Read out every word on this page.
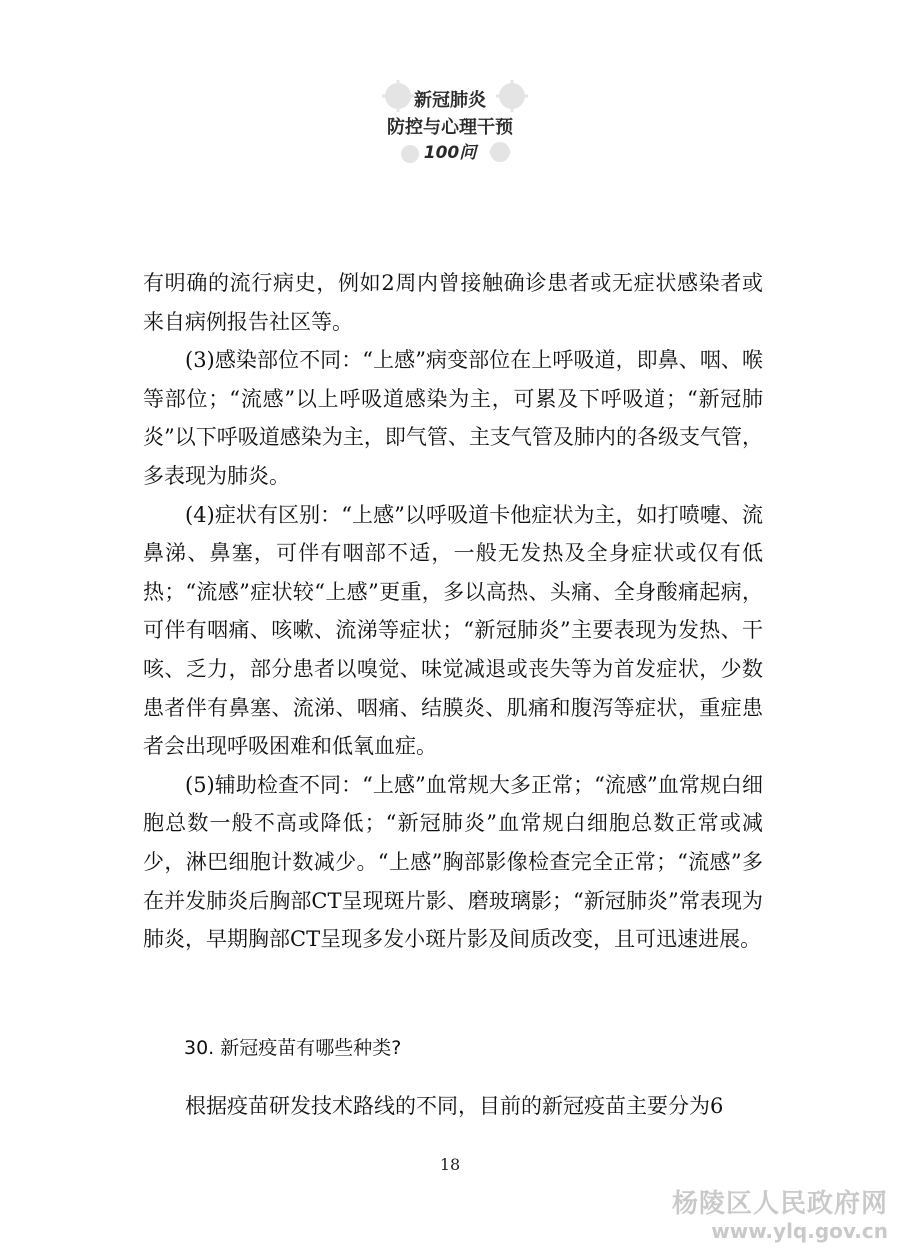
新冠肺炎
防控与心理干预
100问

有明确的流行病史，例如2周内曾接触确诊患者或无症状感染者或来自病例报告社区等。

(3)感染部位不同：“上感”病变部位在上呼吸道，即鼻、咽、喉等部位；“流感”以上呼吸道感染为主，可累及下呼吸道；“新冠肺炎”以下呼吸道感染为主，即气管、主支气管及肺内的各级支气管，多表现为肺炎。

(4)症状有区别：“上感”以呼吸道卡他症状为主，如打喷嚏、流鼻涕、鼻塞，可伴有咽部不适，一般无发热及全身症状或仅有低热；“流感”症状较“上感”更重，多以高热、头痛、全身酸痛起病，可伴有咽痛、咳嗽、流涕等症状；“新冠肺炎”主要表现为发热、干咳、乏力，部分患者以嗅觉、味觉减退或丧失等为首发症状，少数患者伴有鼻塞、流涕、咽痛、结膜炎、肌痛和腹泻等症状，重症患者会出现呼吸困难和低氧血症。

(5)辅助检查不同：“上感”血常规大多正常；“流感”血常规白细胞总数一般不高或降低；“新冠肺炎”血常规白细胞总数正常或减少，淋巴细胞计数减少。“上感”胸部影像检查完全正常；“流感”多在并发肺炎后胸部CT呈现斑片影、磨玻璃影；“新冠肺炎”常表现为肺炎，早期胸部CT呈现多发小斑片影及间质改变，且可迅速进展。

30. 新冠疫苗有哪些种类?

根据疫苗研发技术路线的不同，目前的新冠疫苗主要分为6

18
杨陵区人民政府网
www.ylq.gov.cn
